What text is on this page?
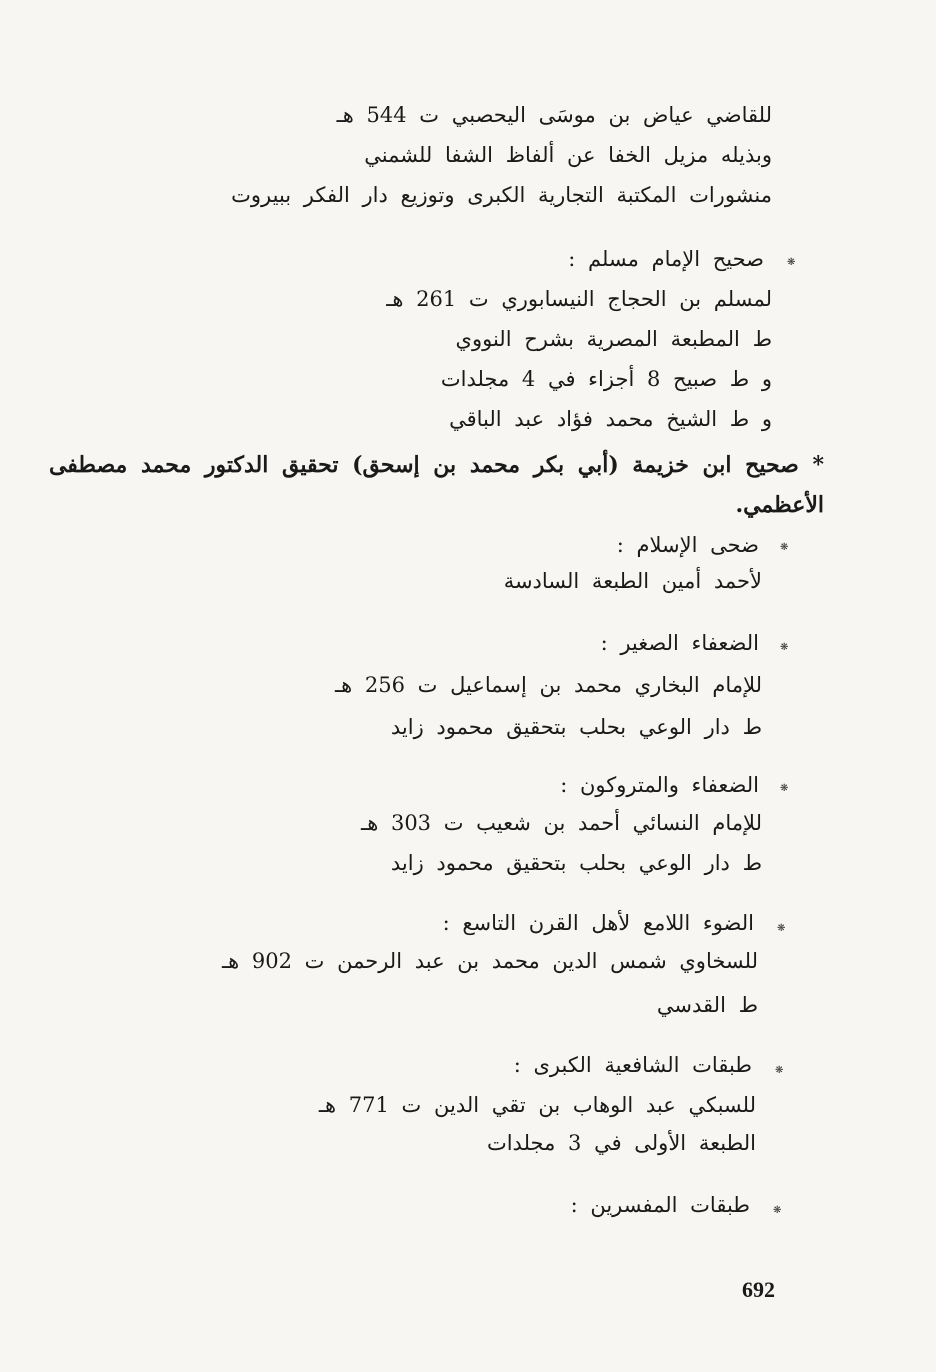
للقاضي عياض بن موسَى اليحصبي ت 544 هـ
وبذيله مزيل الخفا عن ألفاظ الشفا للشمني
منشورات المكتبة التجارية الكبرى وتوزيع دار الفكر ببيروت
❋
صحيح الإمام مسلم :
لمسلم بن الحجاج النيسابوري ت 261 هـ
ط المطبعة المصرية بشرح النووي
و ط صبيح 8 أجزاء في 4 مجلدات
و ط الشيخ محمد فؤاد عبد الباقي
* صحيح ابن خزيمة (أبي بكر محمد بن إسحق) تحقيق الدكتور محمد مصطفى
الأعظمي.
❋
ضحى الإسلام :
لأحمد أمين الطبعة السادسة
❋
الضعفاء الصغير :
للإمام البخاري محمد بن إسماعيل ت 256 هـ
ط دار الوعي بحلب بتحقيق محمود زايد
❋
الضعفاء والمتروكون :
للإمام النسائي أحمد بن شعيب ت 303 هـ
ط دار الوعي بحلب بتحقيق محمود زايد
❋
الضوء اللامع لأهل القرن التاسع :
للسخاوي شمس الدين محمد بن عبد الرحمن ت 902 هـ
ط القدسي
❋
طبقات الشافعية الكبرى :
للسبكي عبد الوهاب بن تقي الدين ت 771 هـ
الطبعة الأولى في 3 مجلدات
❋
طبقات المفسرين :
692
